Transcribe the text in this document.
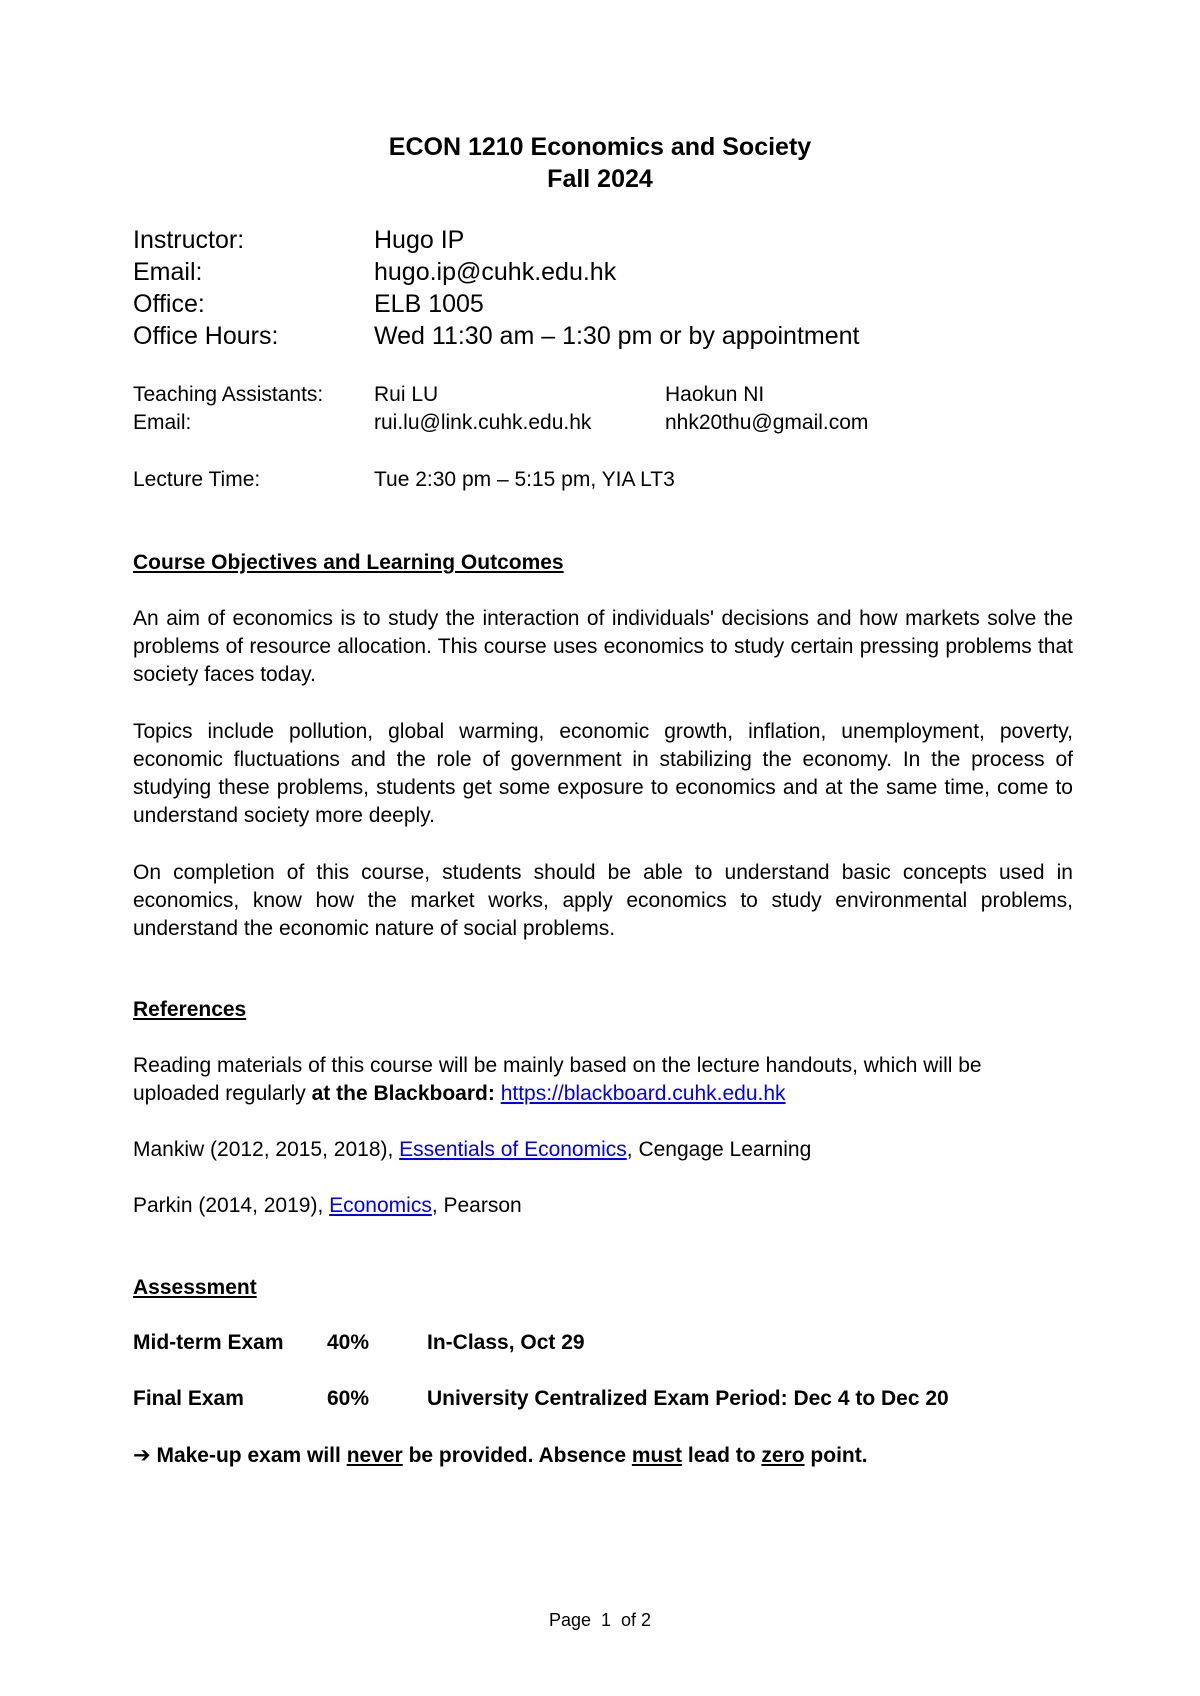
ECON 1210 Economics and Society
Fall 2024
Instructor:	Hugo IP
Email:	hugo.ip@cuhk.edu.hk
Office:	ELB 1005
Office Hours:	Wed 11:30 am – 1:30 pm or by appointment
Teaching Assistants: Rui LU	Haokun NI
Email:	rui.lu@link.cuhk.edu.hk	nhk20thu@gmail.com
Lecture Time:	Tue 2:30 pm – 5:15 pm, YIA LT3
Course Objectives and Learning Outcomes

An aim of economics is to study the interaction of individuals' decisions and how markets solve the problems of resource allocation. This course uses economics to study certain pressing problems that society faces today.

Topics include pollution, global warming, economic growth, inflation, unemployment, poverty, economic fluctuations and the role of government in stabilizing the economy. In the process of studying these problems, students get some exposure to economics and at the same time, come to understand society more deeply.

On completion of this course, students should be able to understand basic concepts used in economics, know how the market works, apply economics to study environmental problems, understand the economic nature of social problems.

References

Reading materials of this course will be mainly based on the lecture handouts, which will be uploaded regularly at the Blackboard: https://blackboard.cuhk.edu.hk

Mankiw (2012, 2015, 2018), Essentials of Economics, Cengage Learning
Parkin (2014, 2019), Economics, Pearson
Assessment
Mid-term Exam 40%	In-Class, Oct 29
Final Exam	60%	University Centralized Exam Period: Dec 4 to Dec 20
➔ Make-up exam will never be provided. Absence must lead to zero point.
Page  1  of 2
